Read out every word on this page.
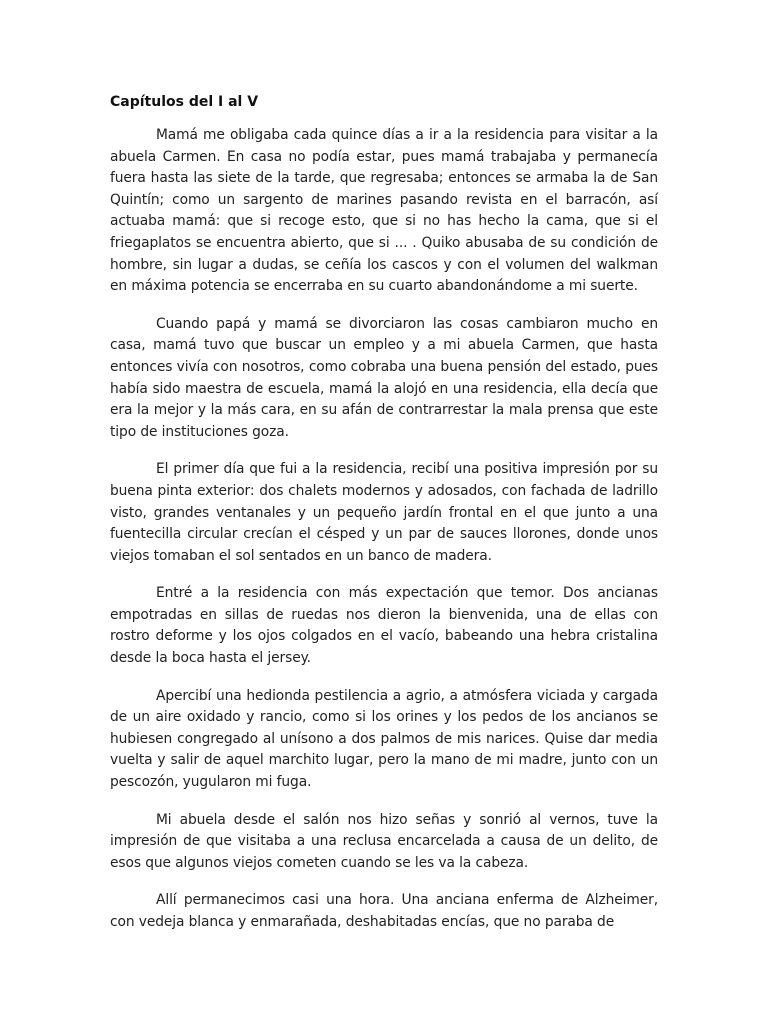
Capítulos del I al V

Mamá me obligaba cada quince días a ir a la residencia para visitar a la abuela Carmen. En casa no podía estar, pues mamá trabajaba y permanecía fuera hasta las siete de la tarde, que regresaba; entonces se armaba la de San Quintín; como un sargento de marines pasando revista en el barracón, así actuaba mamá: que si recoge esto, que si no has hecho la cama, que si el friegaplatos se encuentra abierto, que si ... . Quiko abusaba de su condición de hombre, sin lugar a dudas, se ceñía los cascos y con el volumen del walkman en máxima potencia se encerraba en su cuarto abandonándome a mi suerte.

Cuando papá y mamá se divorciaron las cosas cambiaron mucho en casa, mamá tuvo que buscar un empleo y a mi abuela Carmen, que hasta entonces vivía con nosotros, como cobraba una buena pensión del estado, pues había sido maestra de escuela, mamá la alojó en una residencia, ella decía que era la mejor y la más cara, en su afán de contrarrestar la mala prensa que este tipo de instituciones goza.

El primer día que fui a la residencia, recibí una positiva impresión por su buena pinta exterior: dos chalets modernos y adosados, con fachada de ladrillo visto, grandes ventanales y un pequeño jardín frontal en el que junto a una fuentecilla circular crecían el césped y un par de sauces llorones, donde unos viejos tomaban el sol sentados en un banco de madera.

Entré a la residencia con más expectación que temor. Dos ancianas empotradas en sillas de ruedas nos dieron la bienvenida, una de ellas con rostro deforme y los ojos colgados en el vacío, babeando una hebra cristalina desde la boca hasta el jersey.

Apercibí una hedionda pestilencia a agrio, a atmósfera viciada y cargada de un aire oxidado y rancio, como si los orines y los pedos de los ancianos se hubiesen congregado al unísono a dos palmos de mis narices. Quise dar media vuelta y salir de aquel marchito lugar, pero la mano de mi madre, junto con un pescozón, yugularon mi fuga.

Mi abuela desde el salón nos hizo señas y sonrió al vernos, tuve la impresión de que visitaba a una reclusa encarcelada a causa de un delito, de esos que algunos viejos cometen cuando se les va la cabeza.

Allí permanecimos casi una hora. Una anciana enferma de Alzheimer, con vedeja blanca y enmarañada, deshabitadas encías, que no paraba de
